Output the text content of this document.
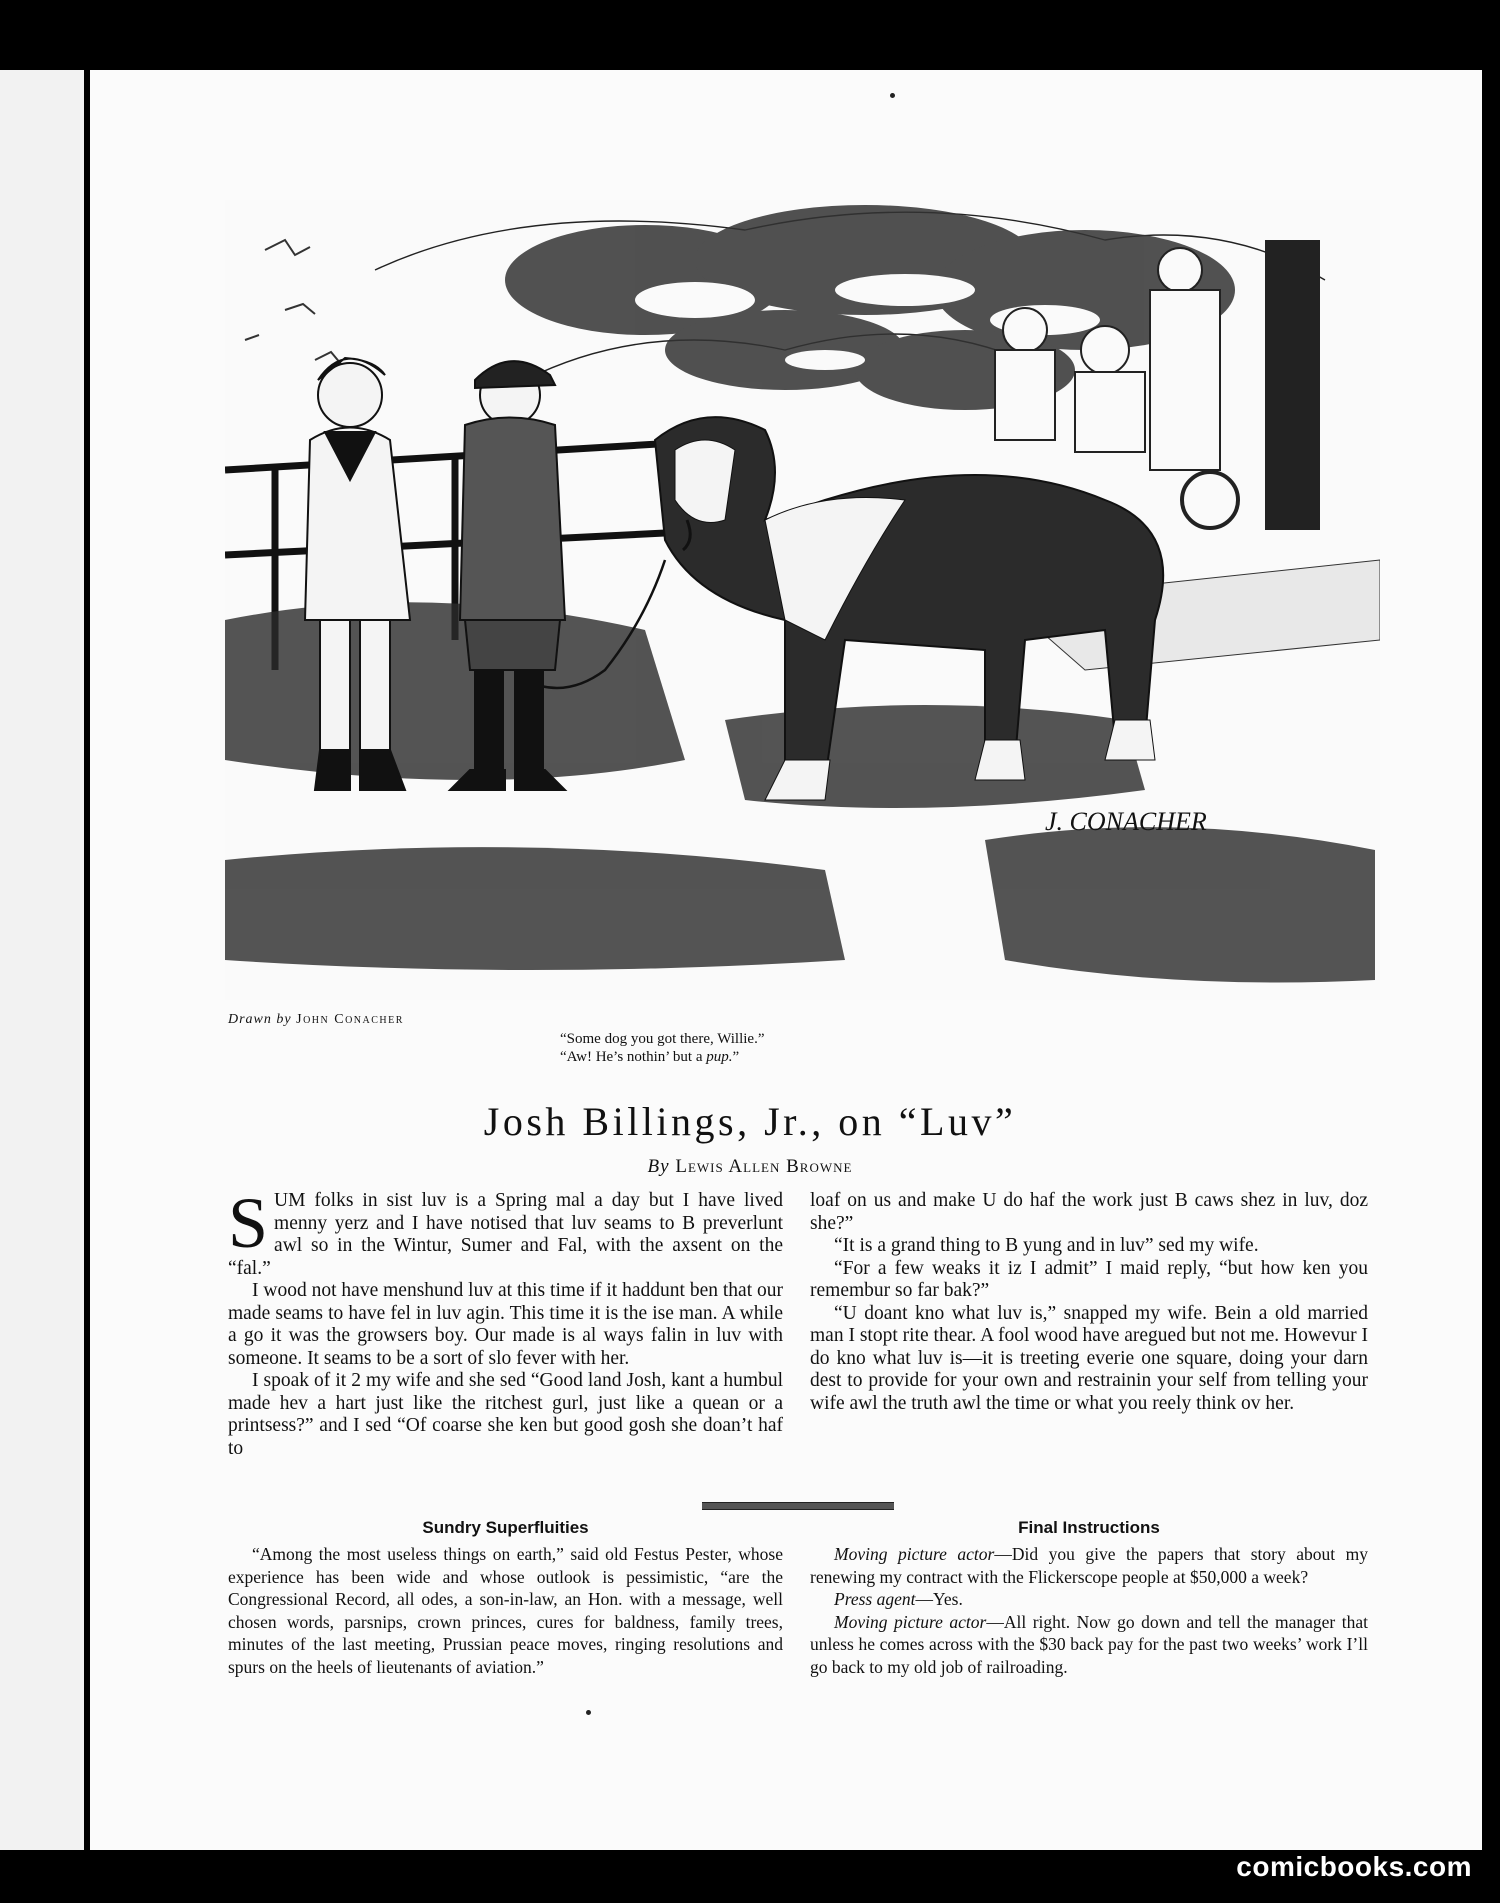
J. CONACHER
Drawn by John Conacher
“Some dog you got there, Willie.”
“Aw! He’s nothin’ but a pup.”
Josh Billings, Jr., on “Luv”
By Lewis Allen Browne

SUM folks in sist luv is a Spring mal a day but I have lived menny yerz and I have notised that luv seams to B preverlunt awl so in the Wintur, Sumer and Fal, with the axsent on the “fal.”

I wood not have menshund luv at this time if it haddunt ben that our made seams to have fel in luv agin. This time it is the ise man. A while a go it was the growsers boy. Our made is al ways falin in luv with someone. It seams to be a sort of slo fever with her.

I spoak of it 2 my wife and she sed “Good land Josh, kant a humbul made hev a hart just like the ritchest gurl, just like a quean or a printsess?” and I sed “Of coarse she ken but good gosh she doan’t haf to

loaf on us and make U do haf the work just B caws shez in luv, doz she?”

“It is a grand thing to B yung and in luv” sed my wife.

“For a few weaks it iz I admit” I maid reply, “but how ken you remembur so far bak?”

“U doant kno what luv is,” snapped my wife. Bein a old married man I stopt rite thear. A fool wood have aregued but not me. Howevur I do kno what luv is—it is treeting everie one square, doing your darn dest to provide for your own and restrainin your self from telling your wife awl the truth awl the time or what you reely think ov her.

Sundry Superfluities

“Among the most useless things on earth,” said old Festus Pester, whose experience has been wide and whose outlook is pessimistic, “are the Congressional Record, all odes, a son-in-law, an Hon. with a message, well chosen words, parsnips, crown princes, cures for baldness, family trees, minutes of the last meeting, Prussian peace moves, ringing resolutions and spurs on the heels of lieutenants of aviation.”

Final Instructions

Moving picture actor—Did you give the papers that story about my renewing my contract with the Flickerscope people at $50,000 a week?

Press agent—Yes.

Moving picture actor—All right. Now go down and tell the manager that unless he comes across with the $30 back pay for the past two weeks’ work I’ll go back to my old job of railroading.

comicbooks.com
